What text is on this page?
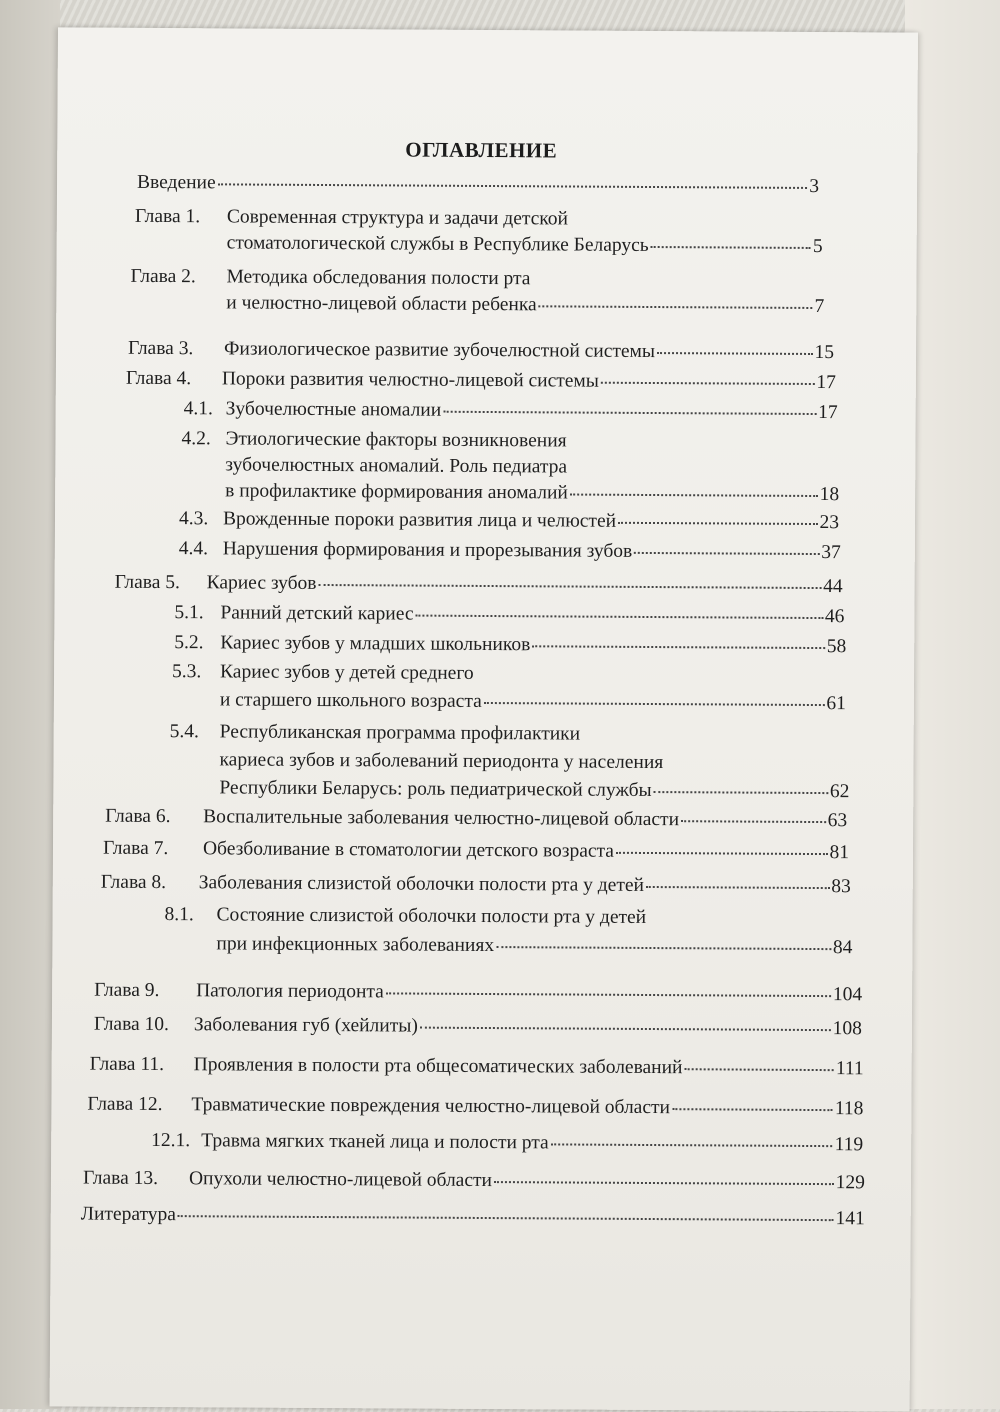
ОГЛАВЛЕНИЕ
Введение	3
Глава 1.	Современная структура и задачи детской
стоматологической службы в Республике Беларусь	5
Глава 2.	Методика обследования полости рта
и челюстно-лицевой области ребенка	7
Глава 3.	Физиологическое развитие зубочелюстной системы	15
Глава 4.	Пороки развития челюстно-лицевой системы	17
4.1. Зубочелюстные аномалии	17
4.2. Этиологические факторы возникновения
зубочелюстных аномалий. Роль педиатра
в профилактике формирования аномалий	18
4.3. Врожденные пороки развития лица и челюстей	23
4.4. Нарушения формирования и прорезывания зубов	37
Глава 5.	Кариес зубов	44
5.1. Ранний детский кариес	46
5.2. Кариес зубов у младших школьников	58
5.3. Кариес зубов у детей среднего
и старшего школьного возраста	61
5.4.	Республиканская программа профилактики
кариеса зубов и заболеваний периодонта у населения
Республики Беларусь: роль педиатрической службы	62
Глава 6.	Воспалительные заболевания челюстно-лицевой области	63
Глава 7.	Обезболивание в стоматологии детского возраста	81
Глава 8.	Заболевания слизистой оболочки полости рта у детей	83
8.1.	Состояние слизистой оболочки полости рта у детей
при инфекционных заболеваниях	84
Глава 9.	Патология периодонта	104
Глава 10.	Заболевания губ (хейлиты)	108
Глава 11.	Проявления в полости рта общесоматических заболеваний	111
Глава 12.	Травматические повреждения челюстно-лицевой области	118
12.1. Травма мягких тканей лица и полости рта	119
Глава 13.	Опухоли челюстно-лицевой области	129
Литература	141
